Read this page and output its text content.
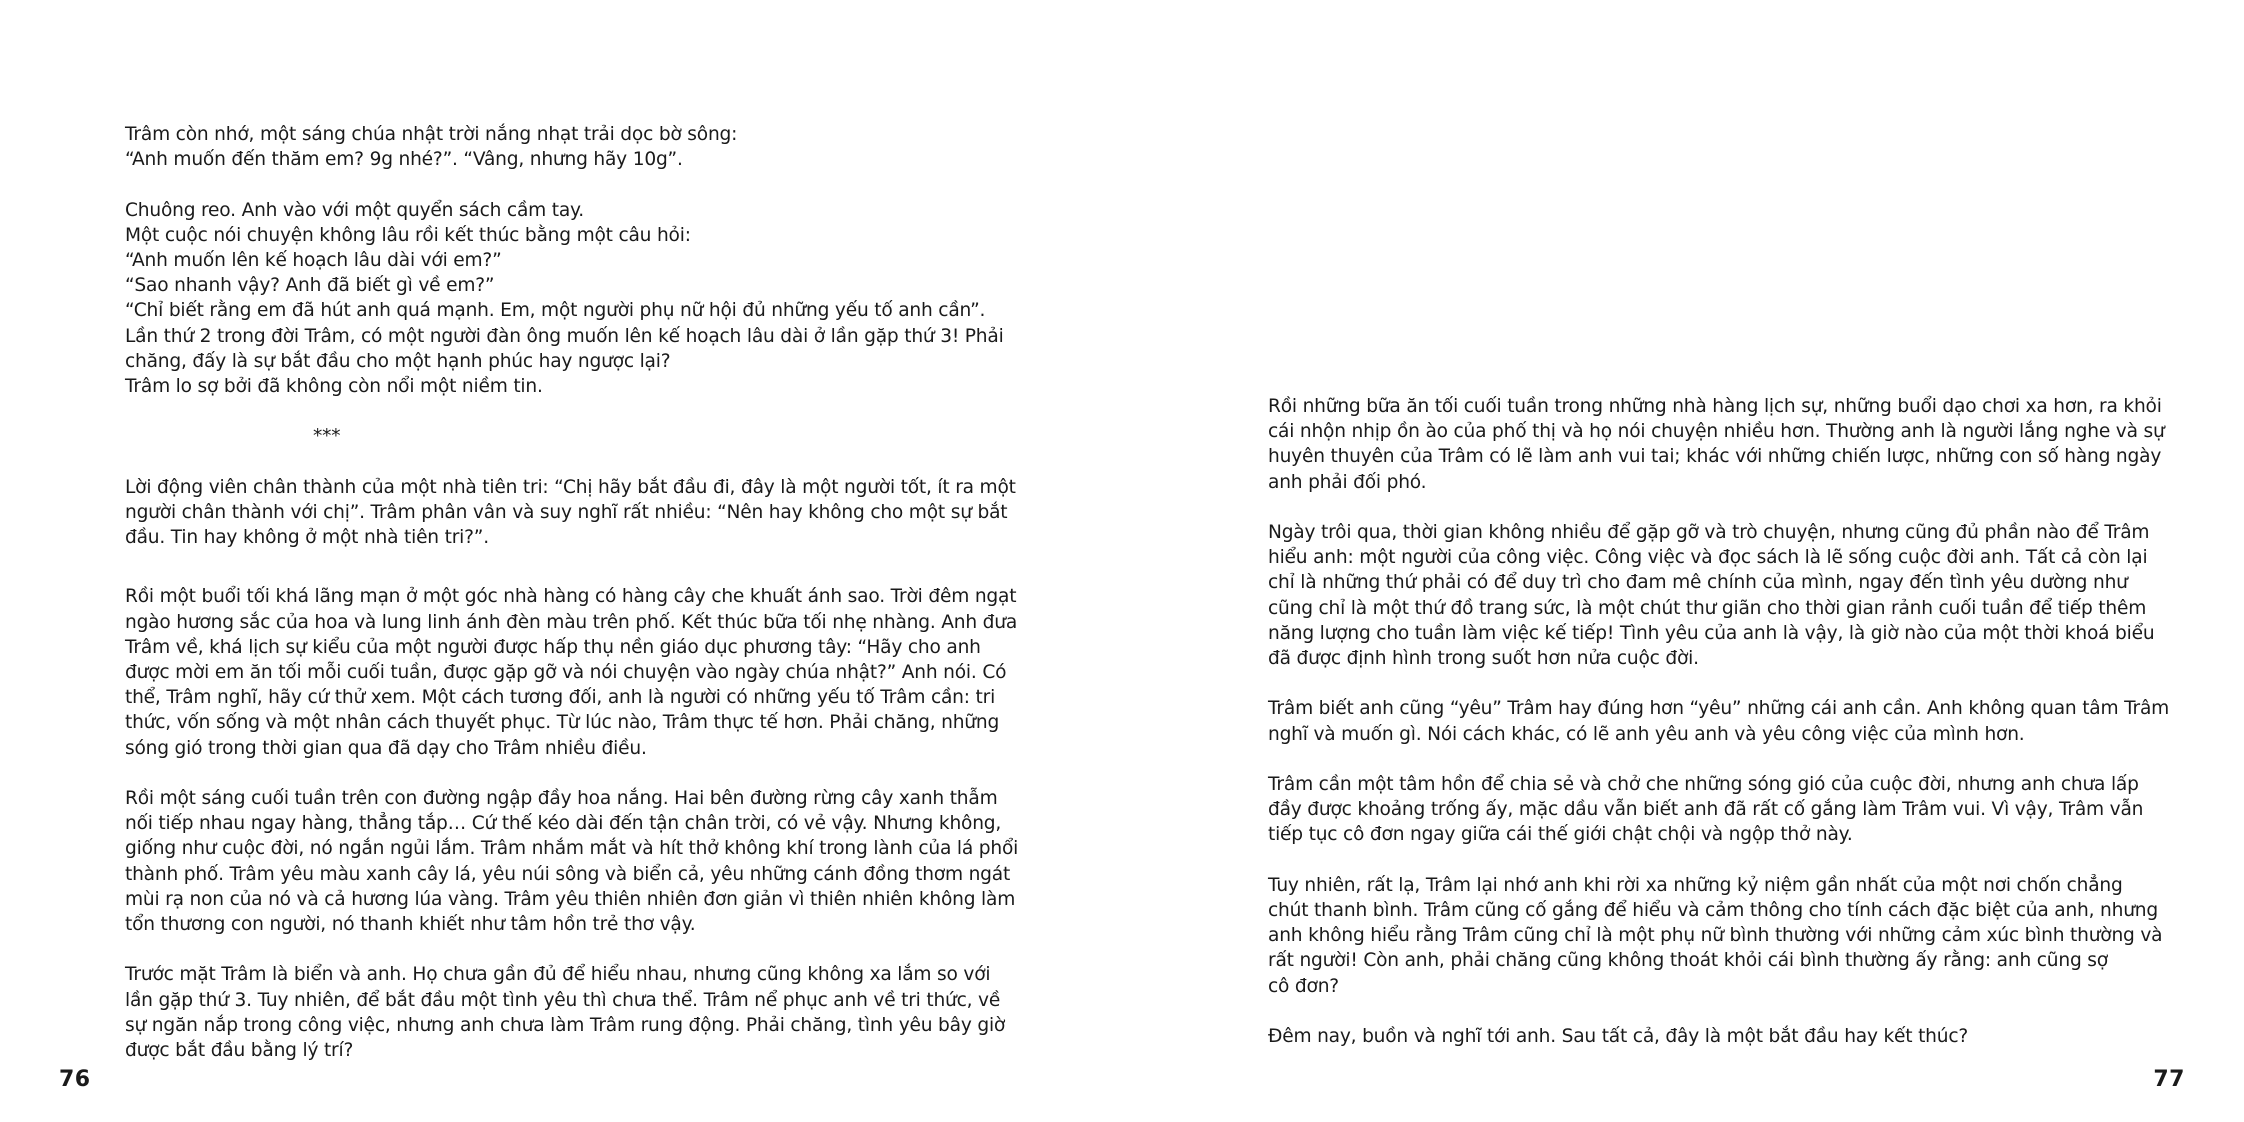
Trâm còn nhớ, một sáng chúa nhật trời nắng nhạt trải dọc bờ sông:
“Anh muốn đến thăm em? 9g nhé?”. “Vâng, nhưng hãy 10g”.

Chuông reo. Anh vào với một quyển sách cầm tay.
Một cuộc nói chuyện không lâu rồi kết thúc bằng một câu hỏi:
“Anh muốn lên kế hoạch lâu dài với em?”
“Sao nhanh vậy? Anh đã biết gì về em?”
“Chỉ biết rằng em đã hút anh quá mạnh. Em, một người phụ nữ hội đủ những yếu tố anh cần”.
Lần thứ 2 trong đời Trâm, có một người đàn ông muốn lên kế hoạch lâu dài ở lần gặp thứ 3! Phải
chăng, đấy là sự bắt đầu cho một hạnh phúc hay ngược lại?
Trâm lo sợ bởi đã không còn nổi một niềm tin.

***

Lời động viên chân thành của một nhà tiên tri: “Chị hãy bắt đầu đi, đây là một người tốt, ít ra một
người chân thành với chị”. Trâm phân vân và suy nghĩ rất nhiều: “Nên hay không cho một sự bắt
đầu. Tin hay không ở một nhà tiên tri?”.

Rồi một buổi tối khá lãng mạn ở một góc nhà hàng có hàng cây che khuất ánh sao. Trời đêm ngạt
ngào hương sắc của hoa và lung linh ánh đèn màu trên phố. Kết thúc bữa tối nhẹ nhàng. Anh đưa
Trâm về, khá lịch sự kiểu của một người được hấp thụ nền giáo dục phương tây: “Hãy cho anh
được mời em ăn tối mỗi cuối tuần, được gặp gỡ và nói chuyện vào ngày chúa nhật?” Anh nói. Có
thể, Trâm nghĩ, hãy cứ thử xem. Một cách tương đối, anh là người có những yếu tố Trâm cần: tri
thức, vốn sống và một nhân cách thuyết phục. Từ lúc nào, Trâm thực tế hơn. Phải chăng, những
sóng gió trong thời gian qua đã dạy cho Trâm nhiều điều.

Rồi một sáng cuối tuần trên con đường ngập đầy hoa nắng. Hai bên đường rừng cây xanh thẫm
nối tiếp nhau ngay hàng, thẳng tắp… Cứ thế kéo dài đến tận chân trời, có vẻ vậy. Nhưng không,
giống như cuộc đời, nó ngắn ngủi lắm. Trâm nhắm mắt và hít thở không khí trong lành của lá phổi
thành phố. Trâm yêu màu xanh cây lá, yêu núi sông và biển cả, yêu những cánh đồng thơm ngát
mùi rạ non của nó và cả hương lúa vàng. Trâm yêu thiên nhiên đơn giản vì thiên nhiên không làm
tổn thương con người, nó thanh khiết như tâm hồn trẻ thơ vậy.

Trước mặt Trâm là biển và anh. Họ chưa gần đủ để hiểu nhau, nhưng cũng không xa lắm so với
lần gặp thứ 3. Tuy nhiên, để bắt đầu một tình yêu thì chưa thể. Trâm nể phục anh về tri thức, về
sự ngăn nắp trong công việc, nhưng anh chưa làm Trâm rung động. Phải chăng, tình yêu bây giờ
được bắt đầu bằng lý trí?

76

Rồi những bữa ăn tối cuối tuần trong những nhà hàng lịch sự, những buổi dạo chơi xa hơn, ra khỏi
cái nhộn nhịp ồn ào của phố thị và họ nói chuyện nhiều hơn. Thường anh là người lắng nghe và sự
huyên thuyên của Trâm có lẽ làm anh vui tai; khác với những chiến lược, những con số hàng ngày
anh phải đối phó.

Ngày trôi qua, thời gian không nhiều để gặp gỡ và trò chuyện, nhưng cũng đủ phần nào để Trâm
hiểu anh: một người của công việc. Công việc và đọc sách là lẽ sống cuộc đời anh. Tất cả còn lại
chỉ là những thứ phải có để duy trì cho đam mê chính của mình, ngay đến tình yêu dường như
cũng chỉ là một thứ đồ trang sức, là một chút thư giãn cho thời gian rảnh cuối tuần để tiếp thêm
năng lượng cho tuần làm việc kế tiếp! Tình yêu của anh là vậy, là giờ nào của một thời khoá biểu
đã được định hình trong suốt hơn nửa cuộc đời.

Trâm biết anh cũng “yêu” Trâm hay đúng hơn “yêu” những cái anh cần. Anh không quan tâm Trâm
nghĩ và muốn gì. Nói cách khác, có lẽ anh yêu anh và yêu công việc của mình hơn.

Trâm cần một tâm hồn để chia sẻ và chở che những sóng gió của cuộc đời, nhưng anh chưa lấp
đầy được khoảng trống ấy, mặc dầu vẫn biết anh đã rất cố gắng làm Trâm vui. Vì vậy, Trâm vẫn
tiếp tục cô đơn ngay giữa cái thế giới chật chội và ngộp thở này.

Tuy nhiên, rất lạ, Trâm lại nhớ anh khi rời xa những kỷ niệm gần nhất của một nơi chốn chẳng
chút thanh bình. Trâm cũng cố gắng để hiểu và cảm thông cho tính cách đặc biệt của anh, nhưng
anh không hiểu rằng Trâm cũng chỉ là một phụ nữ bình thường với những cảm xúc bình thường và
rất người! Còn anh, phải chăng cũng không thoát khỏi cái bình thường ấy rằng: anh cũng sợ
cô đơn?

Đêm nay, buồn và nghĩ tới anh. Sau tất cả, đây là một bắt đầu hay kết thúc?

77
